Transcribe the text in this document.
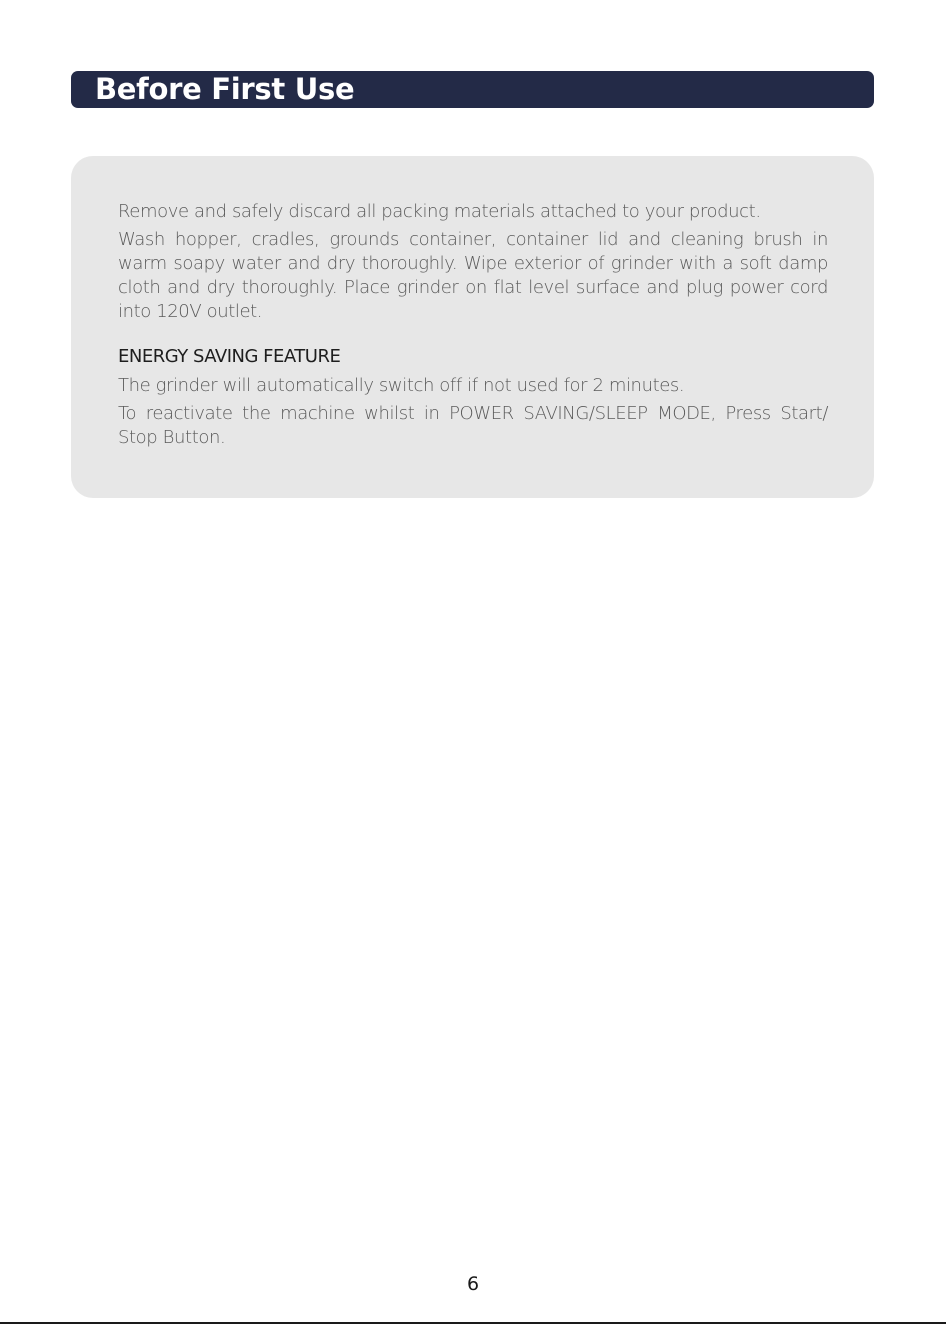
Before First Use

Remove and safely discard all packing materials attached to your product.

Wash hopper, cradles, grounds container, container lid and cleaning brush in warm soapy water and dry thoroughly. Wipe exterior of grinder with a soft damp cloth and dry thoroughly. Place grinder on flat level surface and plug power cord into 120V outlet.

ENERGY SAVING FEATURE

The grinder will automatically switch off if not used for 2 minutes.

To reactivate the machine whilst in POWER SAVING/SLEEP MODE, Press Start/ Stop Button.

6
